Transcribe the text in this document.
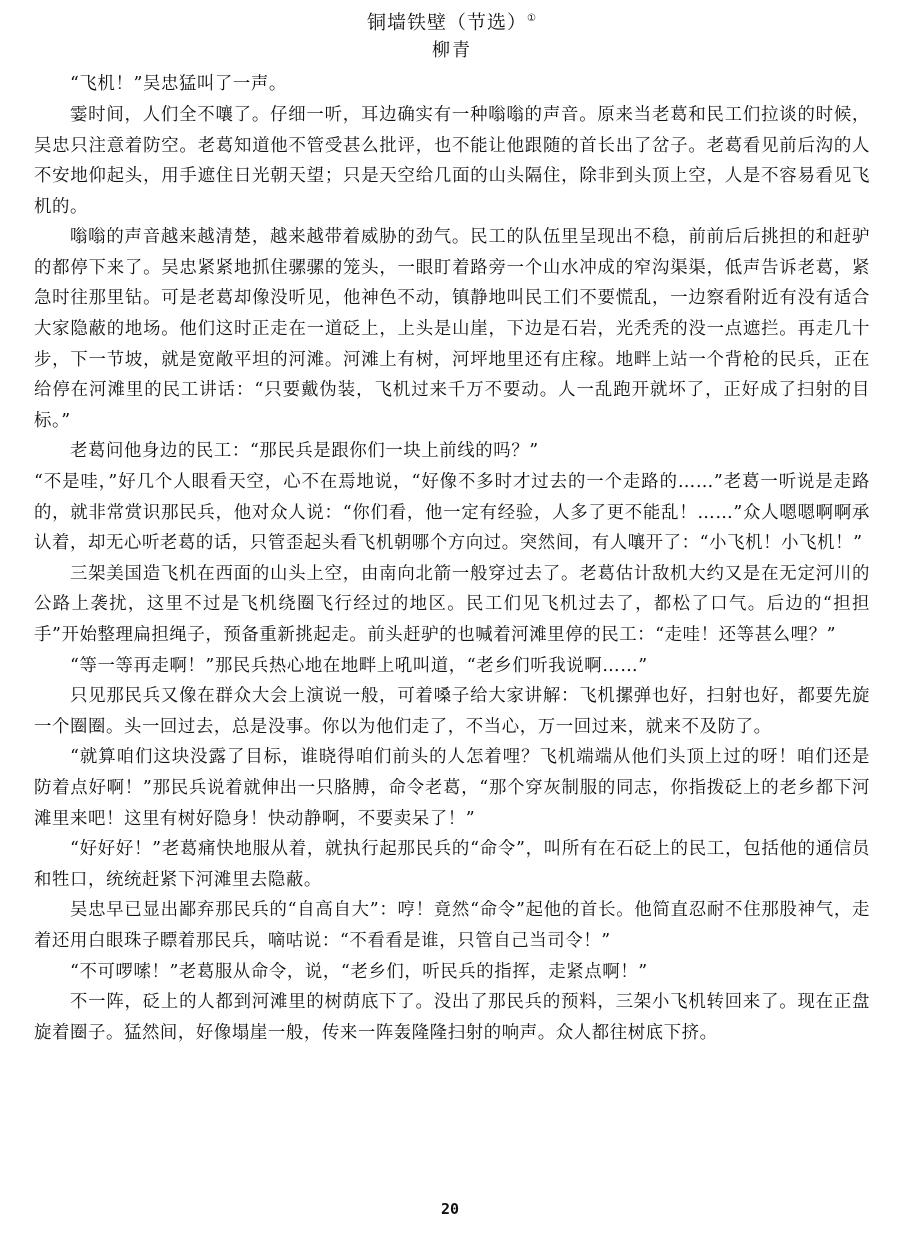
铜墙铁壁（节选）①
柳青

“飞机！”吴忠猛叫了一声。

霎时间，人们全不嚷了。仔细一听，耳边确实有一种嗡嗡的声音。原来当老葛和民工们拉谈的时候，吴忠只注意着防空。老葛知道他不管受甚么批评，也不能让他跟随的首长出了岔子。老葛看见前后沟的人不安地仰起头，用手遮住日光朝天望；只是天空给几面的山头隔住，除非到头顶上空，人是不容易看见飞机的。

嗡嗡的声音越来越清楚，越来越带着威胁的劲气。民工的队伍里呈现出不稳，前前后后挑担的和赶驴的都停下来了。吴忠紧紧地抓住骡骡的笼头，一眼盯着路旁一个山水冲成的窄沟渠渠，低声告诉老葛，紧急时往那里钻。可是老葛却像没听见，他神色不动，镇静地叫民工们不要慌乱，一边察看附近有没有适合大家隐蔽的地场。他们这时正走在一道砭上，上头是山崖，下边是石岩，光秃秃的没一点遮拦。再走几十步，下一节坡，就是宽敞平坦的河滩。河滩上有树，河坪地里还有庄稼。地畔上站一个背枪的民兵，正在给停在河滩里的民工讲话：“只要戴伪装，飞机过来千万不要动。人一乱跑开就坏了，正好成了扫射的目标。”

老葛问他身边的民工：“那民兵是跟你们一块上前线的吗？”

“不是哇，”好几个人眼看天空，心不在焉地说，“好像不多时才过去的一个走路的……”老葛一听说是走路的，就非常赏识那民兵，他对众人说：“你们看，他一定有经验，人多了更不能乱！……”众人嗯嗯啊啊承认着，却无心听老葛的话，只管歪起头看飞机朝哪个方向过。突然间，有人嚷开了：“小飞机！小飞机！”

三架美国造飞机在西面的山头上空，由南向北箭一般穿过去了。老葛估计敌机大约又是在无定河川的公路上袭扰，这里不过是飞机绕圈飞行经过的地区。民工们见飞机过去了，都松了口气。后边的“担担手”开始整理扁担绳子，预备重新挑起走。前头赶驴的也喊着河滩里停的民工：“走哇！还等甚么哩？”

“等一等再走啊！”那民兵热心地在地畔上吼叫道，“老乡们听我说啊……”

只见那民兵又像在群众大会上演说一般，可着嗓子给大家讲解：飞机摞弹也好，扫射也好，都要先旋一个圈圈。头一回过去，总是没事。你以为他们走了，不当心，万一回过来，就来不及防了。

“就算咱们这块没露了目标，谁晓得咱们前头的人怎着哩？飞机端端从他们头顶上过的呀！咱们还是防着点好啊！”那民兵说着就伸出一只胳膊，命令老葛，“那个穿灰制服的同志，你指拨砭上的老乡都下河滩里来吧！这里有树好隐身！快动静啊，不要卖呆了！”

“好好好！”老葛痛快地服从着，就执行起那民兵的“命令”，叫所有在石砭上的民工，包括他的通信员和牲口，统统赶紧下河滩里去隐蔽。

吴忠早已显出鄙弃那民兵的“自高自大”：哼！竟然“命令”起他的首长。他简直忍耐不住那股神气，走着还用白眼珠子瞟着那民兵，嘀咕说：“不看看是谁，只管自己当司令！”

“不可啰嗦！”老葛服从命令，说，“老乡们，听民兵的指挥，走紧点啊！”

不一阵，砭上的人都到河滩里的树荫底下了。没出了那民兵的预料，三架小飞机转回来了。现在正盘旋着圈子。猛然间，好像塌崖一般，传来一阵轰隆隆扫射的响声。众人都往树底下挤。

20
